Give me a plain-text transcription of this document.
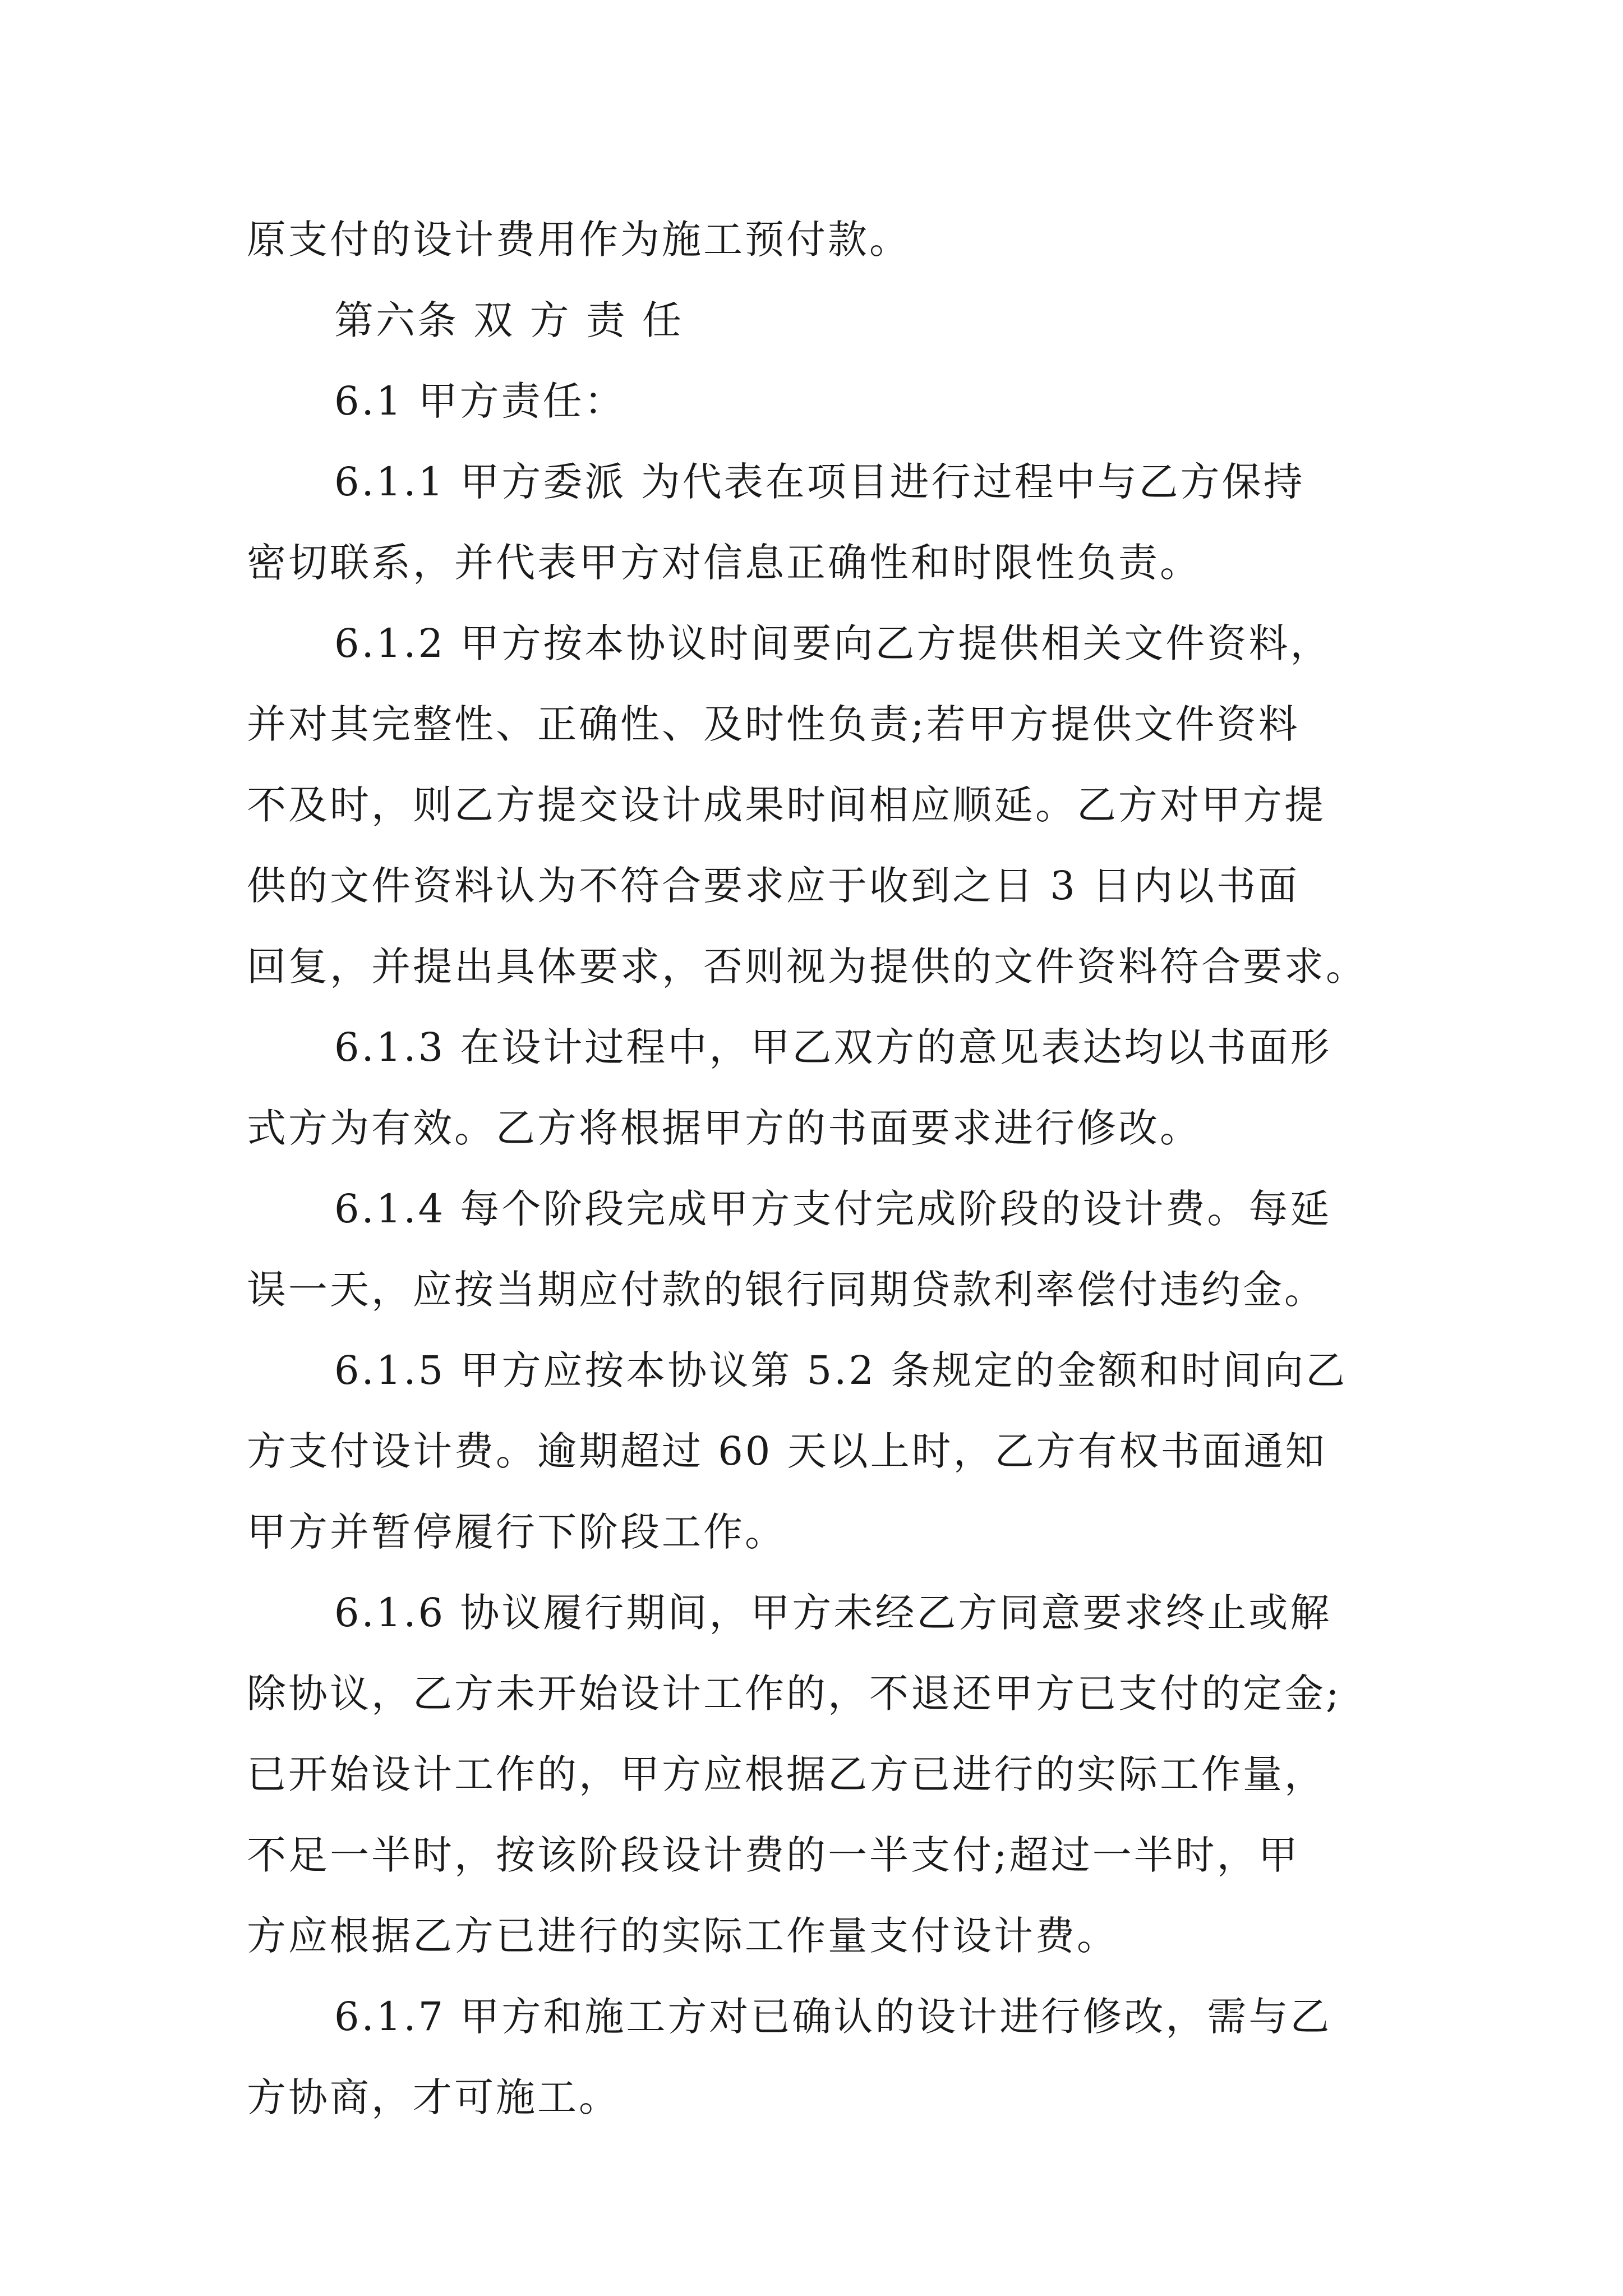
原支付的设计费用作为施工预付款。
第六条 双 方 责 任
6.1 甲方责任：
6.1.1 甲方委派 为代表在项目进行过程中与乙方保持
密切联系，并代表甲方对信息正确性和时限性负责。
6.1.2 甲方按本协议时间要向乙方提供相关文件资料，
并对其完整性、正确性、及时性负责;若甲方提供文件资料
不及时，则乙方提交设计成果时间相应顺延。乙方对甲方提
供的文件资料认为不符合要求应于收到之日 3 日内以书面
回复，并提出具体要求，否则视为提供的文件资料符合要求。
6.1.3 在设计过程中，甲乙双方的意见表达均以书面形
式方为有效。乙方将根据甲方的书面要求进行修改。
6.1.4 每个阶段完成甲方支付完成阶段的设计费。每延
误一天，应按当期应付款的银行同期贷款利率偿付违约金。
6.1.5 甲方应按本协议第 5.2 条规定的金额和时间向乙
方支付设计费。逾期超过 60 天以上时，乙方有权书面通知
甲方并暂停履行下阶段工作。
6.1.6 协议履行期间，甲方未经乙方同意要求终止或解
除协议，乙方未开始设计工作的，不退还甲方已支付的定金;
已开始设计工作的，甲方应根据乙方已进行的实际工作量，
不足一半时，按该阶段设计费的一半支付;超过一半时，甲
方应根据乙方已进行的实际工作量支付设计费。
6.1.7 甲方和施工方对已确认的设计进行修改，需与乙
方协商，才可施工。
